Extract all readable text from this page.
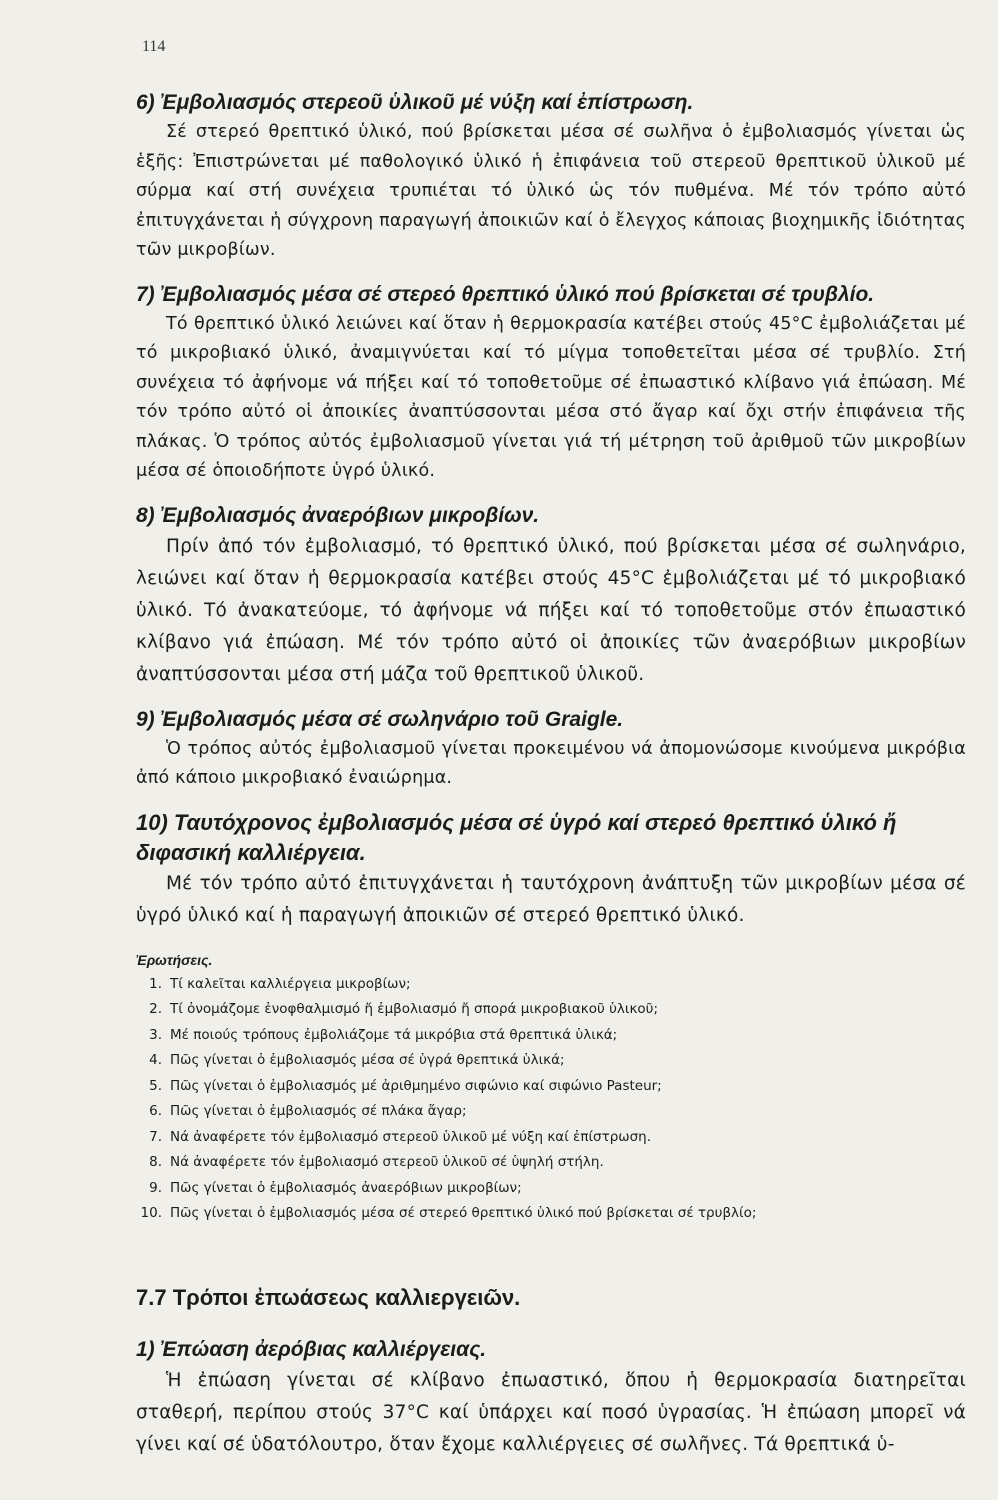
114

6) Ἐμβολιασμός στερεοῦ ὑλικοῦ μέ νύξη καί ἐπίστρωση.

Σέ στερεό θρεπτικό ὑλικό, πού βρίσκεται μέσα σέ σωλῆνα ὁ ἐμβολιασμός γίνεται ὡς ἑξῆς: Ἐπιστρώνεται μέ παθολογικό ὑλικό ἡ ἐπιφάνεια τοῦ στερεοῦ θρεπτικοῦ ὑλικοῦ μέ σύρμα καί στή συνέχεια τρυπιέται τό ὑλικό ὡς τόν πυθμένα. Μέ τόν τρόπο αὐτό ἐπιτυγχάνεται ἡ σύγχρονη παραγωγή ἀποικιῶν καί ὁ ἔλεγχος κάποιας βιοχημικῆς ἰδιότητας τῶν μικροβίων.

7) Ἐμβολιασμός μέσα σέ στερεό θρεπτικό ὑλικό πού βρίσκεται σέ τρυβλίο.

Τό θρεπτικό ὑλικό λειώνει καί ὅταν ἡ θερμοκρασία κατέβει στούς 45°C ἐμβολιάζεται μέ τό μικροβιακό ὑλικό, ἀναμιγνύεται καί τό μίγμα τοποθετεῖται μέσα σέ τρυβλίο. Στή συνέχεια τό ἀφήνομε νά πήξει καί τό τοποθετοῦμε σέ ἐπωαστικό κλίβανο γιά ἐπώαση. Μέ τόν τρόπο αὐτό οἱ ἀποικίες ἀναπτύσσονται μέσα στό ἄγαρ καί ὄχι στήν ἐπιφάνεια τῆς πλάκας. Ὁ τρόπος αὐτός ἐμβολιασμοῦ γίνεται γιά τή μέτρηση τοῦ ἀριθμοῦ τῶν μικροβίων μέσα σέ ὁποιοδήποτε ὑγρό ὑλικό.

8) Ἐμβολιασμός ἀναερόβιων μικροβίων.

Πρίν ἀπό τόν ἐμβολιασμό, τό θρεπτικό ὑλικό, πού βρίσκεται μέσα σέ σωληνάριο, λειώνει καί ὅταν ἡ θερμοκρασία κατέβει στούς 45°C ἐμβολιάζεται μέ τό μικροβιακό ὑλικό. Τό ἀνακατεύομε, τό ἀφήνομε νά πήξει καί τό τοποθετοῦμε στόν ἐπωαστικό κλίβανο γιά ἐπώαση. Μέ τόν τρόπο αὐτό οἱ ἀποικίες τῶν ἀναερόβιων μικροβίων ἀναπτύσσονται μέσα στή μάζα τοῦ θρεπτικοῦ ὑλικοῦ.

9) Ἐμβολιασμός μέσα σέ σωληνάριο τοῦ Graigle.

Ὁ τρόπος αὐτός ἐμβολιασμοῦ γίνεται προκειμένου νά ἀπομονώσομε κινούμενα μικρόβια ἀπό κάποιο μικροβιακό ἐναιώρημα.

10) Ταυτόχρονος ἐμβολιασμός μέσα σέ ὑγρό καί στερεό θρεπτικό ὑλικό ἤ διφασική καλλιέργεια.

Μέ τόν τρόπο αὐτό ἐπιτυγχάνεται ἡ ταυτόχρονη ἀνάπτυξη τῶν μικροβίων μέσα σέ ὑγρό ὑλικό καί ἡ παραγωγή ἀποικιῶν σέ στερεό θρεπτικό ὑλικό.

Ἐρωτήσεις.

1. Τί καλεῖται καλλιέργεια μικροβίων;
2. Τί ὀνομάζομε ἐνοφθαλμισμό ἤ ἐμβολιασμό ἤ σπορά μικροβιακοῦ ὑλικοῦ;
3. Μέ ποιούς τρόπους ἐμβολιάζομε τά μικρόβια στά θρεπτικά ὑλικά;
4. Πῶς γίνεται ὁ ἐμβολιασμός μέσα σέ ὑγρά θρεπτικά ὑλικά;
5. Πῶς γίνεται ὁ ἐμβολιασμός μέ ἀριθμημένο σιφώνιο καί σιφώνιο Pasteur;
6. Πῶς γίνεται ὁ ἐμβολιασμός σέ πλάκα ἄγαρ;
7. Νά ἀναφέρετε τόν ἐμβολιασμό στερεοῦ ὑλικοῦ μέ νύξη καί ἐπίστρωση.
8. Νά ἀναφέρετε τόν ἐμβολιασμό στερεοῦ ὑλικοῦ σέ ὑψηλή στήλη.
9. Πῶς γίνεται ὁ ἐμβολιασμός ἀναερόβιων μικροβίων;
10. Πῶς γίνεται ὁ ἐμβολιασμός μέσα σέ στερεό θρεπτικό ὑλικό πού βρίσκεται σέ τρυβλίο;
7.7 Τρόποι ἐπωάσεως καλλιεργειῶν.

1) Ἐπώαση ἀερόβιας καλλιέργειας.

Ἡ ἐπώαση γίνεται σέ κλίβανο ἐπωαστικό, ὅπου ἡ θερμοκρασία διατηρεῖται σταθερή, περίπου στούς 37°C καί ὑπάρχει καί ποσό ὑγρασίας. Ἡ ἐπώαση μπορεῖ νά γίνει καί σέ ὑδατόλουτρο, ὅταν ἔχομε καλλιέργειες σέ σωλῆνες. Τά θρεπτικά ὑ-
